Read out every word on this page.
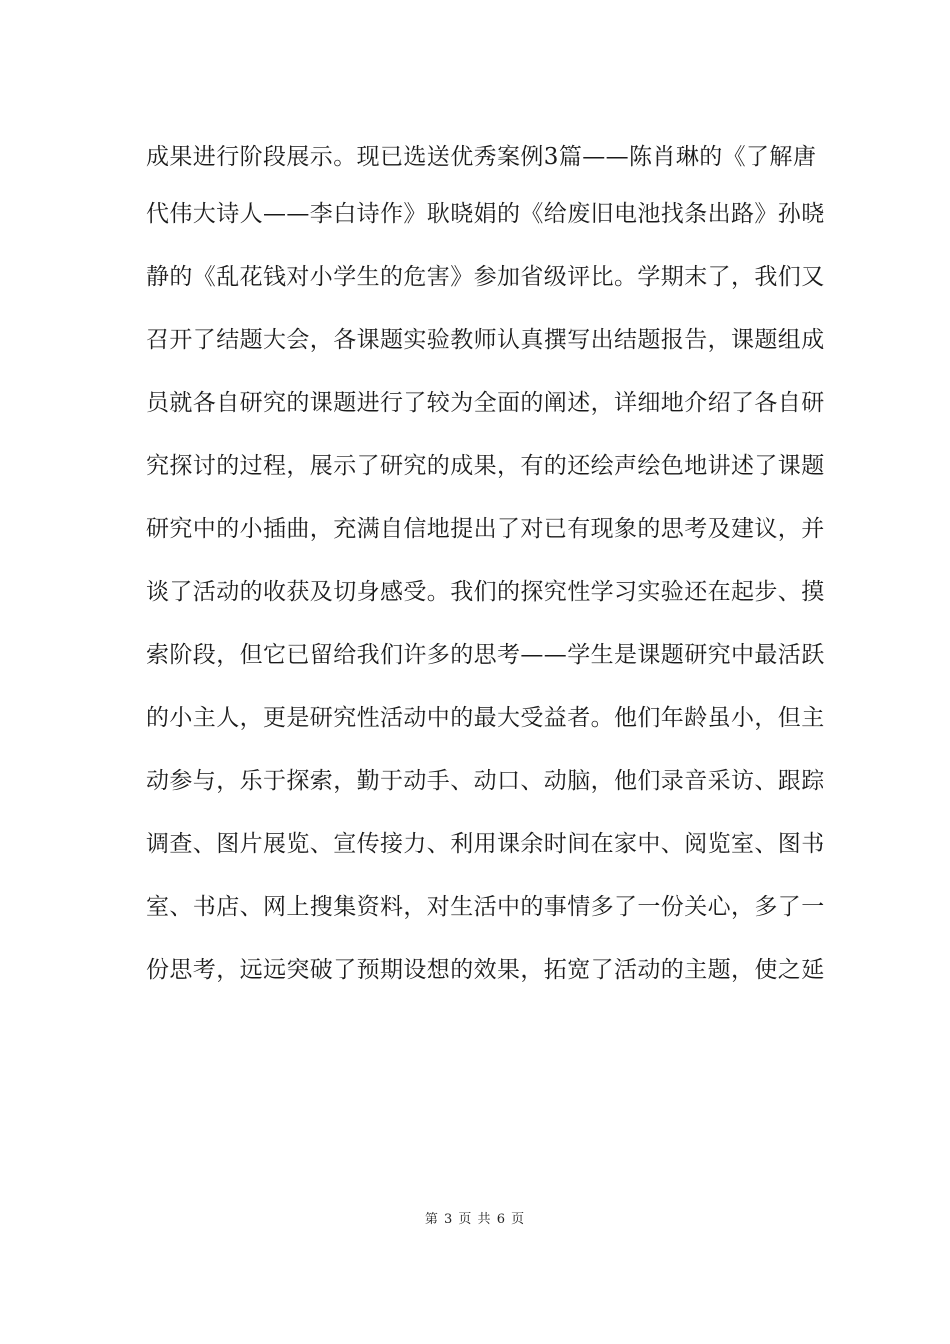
成果进行阶段展示。现已选送优秀案例3篇——陈肖琳的《了解唐
代伟大诗人——李白诗作》耿晓娟的《给废旧电池找条出路》孙晓
静的《乱花钱对小学生的危害》参加省级评比。学期末了，我们又
召开了结题大会，各课题实验教师认真撰写出结题报告，课题组成
员就各自研究的课题进行了较为全面的阐述，详细地介绍了各自研
究探讨的过程，展示了研究的成果，有的还绘声绘色地讲述了课题
研究中的小插曲，充满自信地提出了对已有现象的思考及建议，并
谈了活动的收获及切身感受。我们的探究性学习实验还在起步、摸
索阶段，但它已留给我们许多的思考——学生是课题研究中最活跃
的小主人，更是研究性活动中的最大受益者。他们年龄虽小，但主
动参与，乐于探索，勤于动手、动口、动脑，他们录音采访、跟踪
调查、图片展览、宣传接力、利用课余时间在家中、阅览室、图书
室、书店、网上搜集资料，对生活中的事情多了一份关心，多了一
份思考，远远突破了预期设想的效果，拓宽了活动的主题，使之延
第 3 页 共 6 页
